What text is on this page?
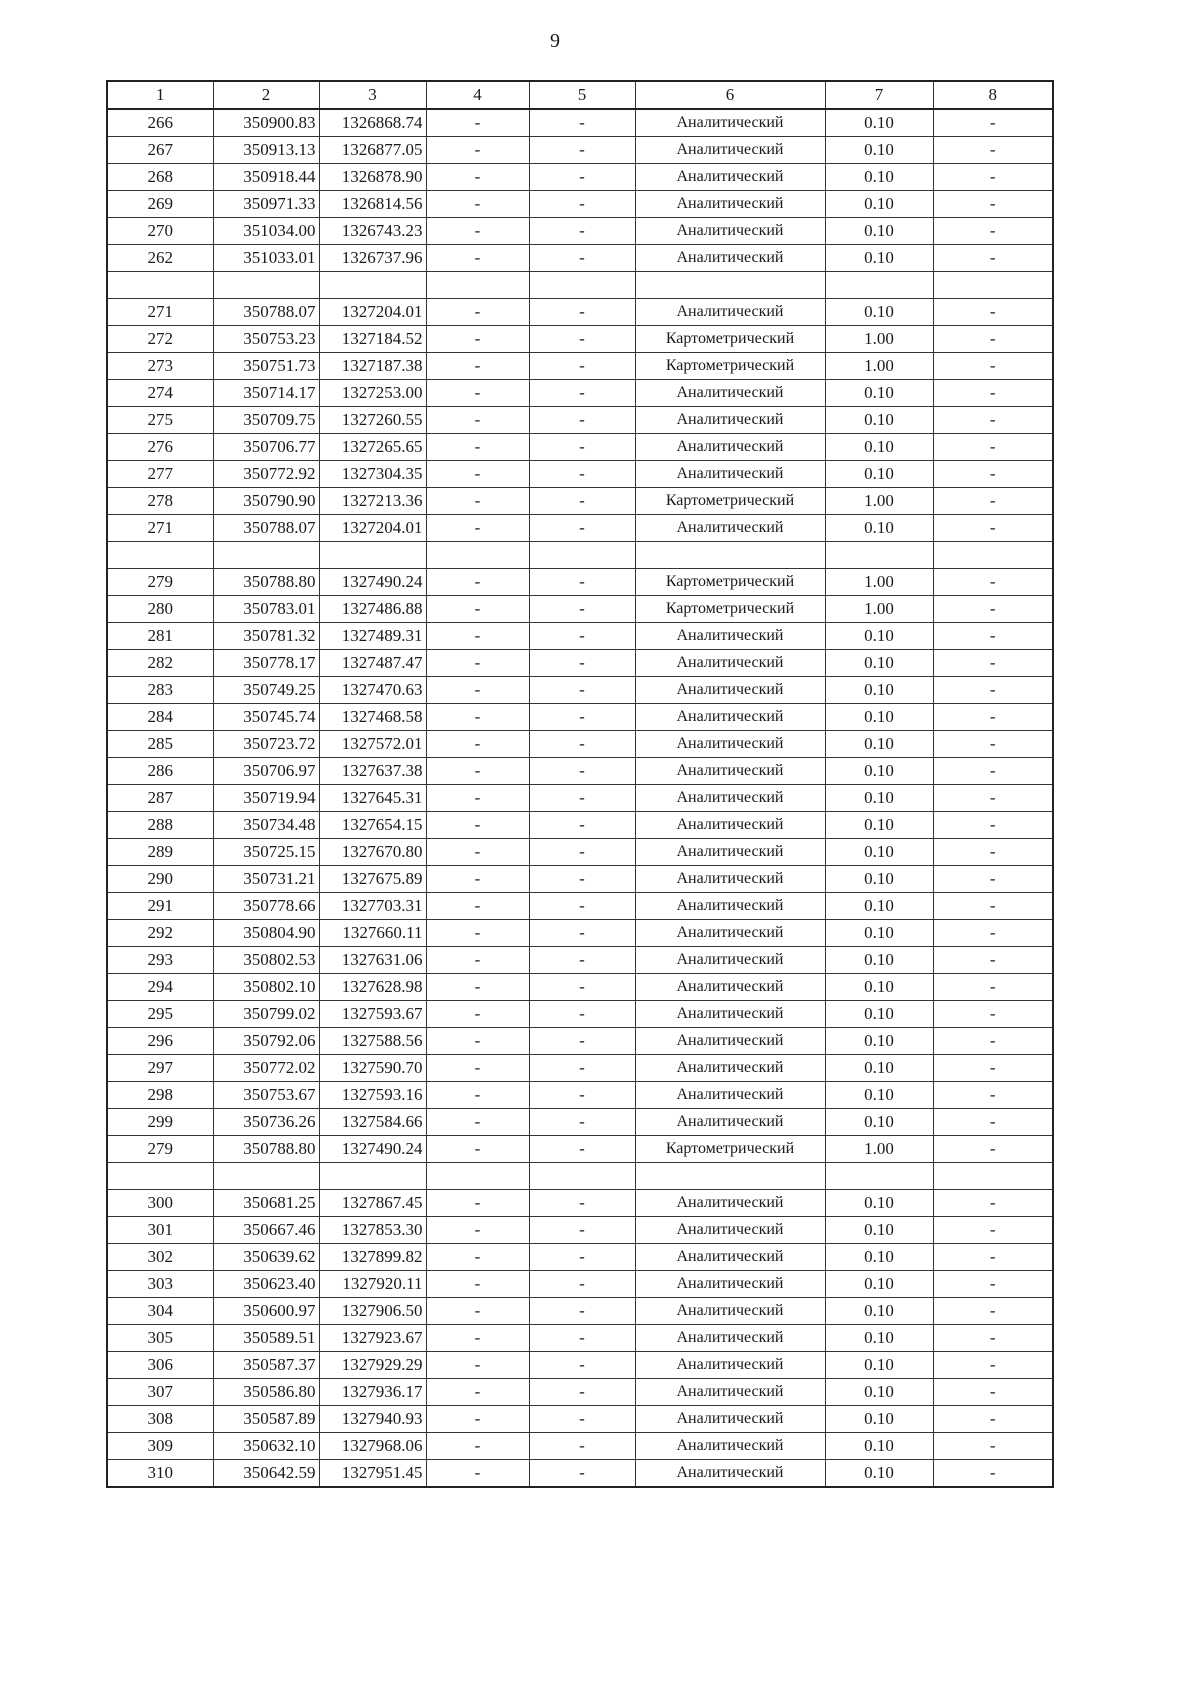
9
1	2	3	4	5	6	7	8
266	350900.83	1326868.74	-	-	Аналитический	0.10	-
267	350913.13	1326877.05	-	-	Аналитический	0.10	-
268	350918.44	1326878.90	-	-	Аналитический	0.10	-
269	350971.33	1326814.56	-	-	Аналитический	0.10	-
270	351034.00	1326743.23	-	-	Аналитический	0.10	-
262	351033.01	1326737.96	-	-	Аналитический	0.10	-

271	350788.07	1327204.01	-	-	Аналитический	0.10	-
272	350753.23	1327184.52	-	-	Картометрический	1.00	-
273	350751.73	1327187.38	-	-	Картометрический	1.00	-
274	350714.17	1327253.00	-	-	Аналитический	0.10	-
275	350709.75	1327260.55	-	-	Аналитический	0.10	-
276	350706.77	1327265.65	-	-	Аналитический	0.10	-
277	350772.92	1327304.35	-	-	Аналитический	0.10	-
278	350790.90	1327213.36	-	-	Картометрический	1.00	-
271	350788.07	1327204.01	-	-	Аналитический	0.10	-

279	350788.80	1327490.24	-	-	Картометрический	1.00	-
280	350783.01	1327486.88	-	-	Картометрический	1.00	-
281	350781.32	1327489.31	-	-	Аналитический	0.10	-
282	350778.17	1327487.47	-	-	Аналитический	0.10	-
283	350749.25	1327470.63	-	-	Аналитический	0.10	-
284	350745.74	1327468.58	-	-	Аналитический	0.10	-
285	350723.72	1327572.01	-	-	Аналитический	0.10	-
286	350706.97	1327637.38	-	-	Аналитический	0.10	-
287	350719.94	1327645.31	-	-	Аналитический	0.10	-
288	350734.48	1327654.15	-	-	Аналитический	0.10	-
289	350725.15	1327670.80	-	-	Аналитический	0.10	-
290	350731.21	1327675.89	-	-	Аналитический	0.10	-
291	350778.66	1327703.31	-	-	Аналитический	0.10	-
292	350804.90	1327660.11	-	-	Аналитический	0.10	-
293	350802.53	1327631.06	-	-	Аналитический	0.10	-
294	350802.10	1327628.98	-	-	Аналитический	0.10	-
295	350799.02	1327593.67	-	-	Аналитический	0.10	-
296	350792.06	1327588.56	-	-	Аналитический	0.10	-
297	350772.02	1327590.70	-	-	Аналитический	0.10	-
298	350753.67	1327593.16	-	-	Аналитический	0.10	-
299	350736.26	1327584.66	-	-	Аналитический	0.10	-
279	350788.80	1327490.24	-	-	Картометрический	1.00	-

300	350681.25	1327867.45	-	-	Аналитический	0.10	-
301	350667.46	1327853.30	-	-	Аналитический	0.10	-
302	350639.62	1327899.82	-	-	Аналитический	0.10	-
303	350623.40	1327920.11	-	-	Аналитический	0.10	-
304	350600.97	1327906.50	-	-	Аналитический	0.10	-
305	350589.51	1327923.67	-	-	Аналитический	0.10	-
306	350587.37	1327929.29	-	-	Аналитический	0.10	-
307	350586.80	1327936.17	-	-	Аналитический	0.10	-
308	350587.89	1327940.93	-	-	Аналитический	0.10	-
309	350632.10	1327968.06	-	-	Аналитический	0.10	-
310	350642.59	1327951.45	-	-	Аналитический	0.10	-
